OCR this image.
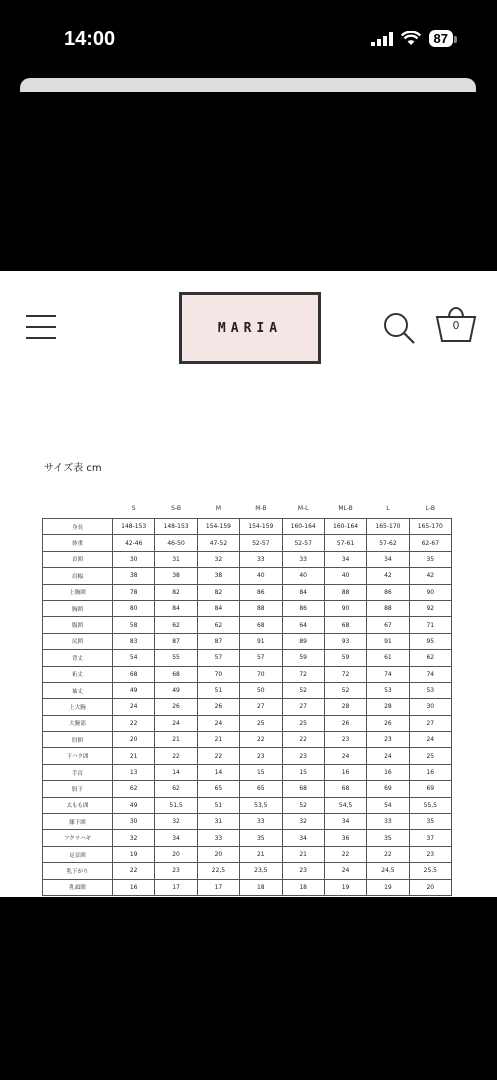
14:00	87
MARIA	0
サイズ表 cm
	S	S-B	M	M-B	M-L	ML-B	L	L-B
身長	148-153	148-153	154-159	154-159	160-164	160-164	165-170	165-170
体重	42-46	46-50	47-52	52-57	52-57	57-61	57-62	62-67
首囲	30	31	32	33	33	34	34	35
肩幅	38	38	38	40	40	40	42	42
上胸囲	78	82	82	86	84	88	86	90
胸囲	80	84	84	88	86	90	88	92
腹囲	58	62	62	68	64	68	67	71
尻囲	83	87	87	91	89	93	91	95
背丈	54	55	57	57	59	59	61	62
裄丈	68	68	70	70	72	72	74	74
袖丈	49	49	51	50	52	52	53	53
上大腕	24	26	26	27	27	28	28	30
大腕部	22	24	24	25	25	26	26	27
肘囲	20	21	21	22	22	23	23	24
下ハク囲	21	22	22	23	23	24	24	25
手首	13	14	14	15	15	16	16	16
股下	62	62	65	65	68	68	69	69
太もも囲	49	51,5	51	53,5	52	54,5	54	55,5
膝下囲	30	32	31	33	32	34	33	35
フクラハギ	32	34	33	35	34	36	35	37
足首囲	19	20	20	21	21	22	22	23
乳下がり	22	23	22,5	23,5	23	24	24,5	25,5
乳頭間	16	17	17	18	18	19	19	20
